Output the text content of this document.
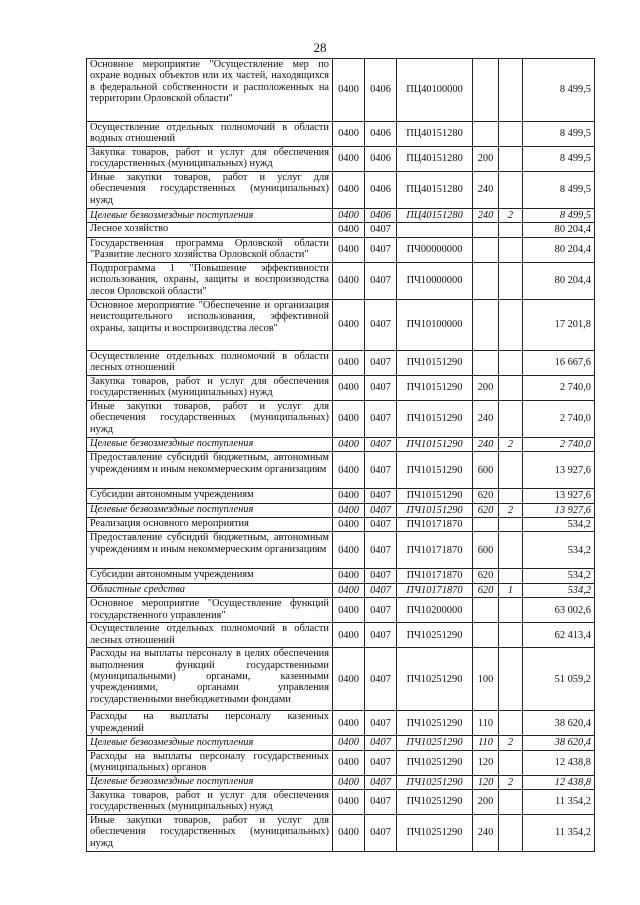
28
Основное мероприятие "Осуществление мер по охране водных объектов или их частей, находящихся в федеральной собственности и расположенных на территории Орловской области"	0400	0406	ПЦ40100000			8 499,5
Осуществление отдельных полномочий в области водных отношений	0400	0406	ПЦ40151280			8 499,5
Закупка товаров, работ и услуг для обеспечения государственных (муниципальных) нужд	0400	0406	ПЦ40151280	200		8 499,5
Иные закупки товаров, работ и услуг для обеспечения государственных (муниципальных) нужд	0400	0406	ПЦ40151280	240		8 499,5
Целевые безвозмездные поступления	0400	0406	ПЦ40151280	240	2	8 499,5
Лесное хозяйство	0400	0407				80 204,4
Государственная программа Орловской области "Развитие лесного хозяйства Орловской области"	0400	0407	ПЧ00000000			80 204,4
Подпрограмма 1 "Повышение эффективности использования, охраны, защиты и воспроизводства лесов Орловской области"	0400	0407	ПЧ10000000			80 204,4
Основное мероприятие "Обеспечение и организация неистощительного использования, эффективной охраны, защиты и воспроизводства лесов"	0400	0407	ПЧ10100000			17 201,8
Осуществление отдельных полномочий в области лесных отношений	0400	0407	ПЧ10151290			16 667,6
Закупка товаров, работ и услуг для обеспечения государственных (муниципальных) нужд	0400	0407	ПЧ10151290	200		2 740,0
Иные закупки товаров, работ и услуг для обеспечения государственных (муниципальных) нужд	0400	0407	ПЧ10151290	240		2 740,0
Целевые безвозмездные поступления	0400	0407	ПЧ10151290	240	2	2 740,0
Предоставление субсидий бюджетным, автономным учреждениям и иным некоммерческим организациям	0400	0407	ПЧ10151290	600		13 927,6
Субсидии автономным учреждениям	0400	0407	ПЧ10151290	620		13 927,6
Целевые безвозмездные поступления	0400	0407	ПЧ10151290	620	2	13 927,6
Реализация основного мероприятия	0400	0407	ПЧ10171870			534,2
Предоставление субсидий бюджетным, автономным учреждениям и иным некоммерческим организациям	0400	0407	ПЧ10171870	600		534,2
Субсидии автономным учреждениям	0400	0407	ПЧ10171870	620		534,2
Областные средства	0400	0407	ПЧ10171870	620	1	534,2
Основное мероприятие "Осуществление функций государственного управления"	0400	0407	ПЧ10200000			63 002,6
Осуществление отдельных полномочий в области лесных отношений	0400	0407	ПЧ10251290			62 413,4
Расходы на выплаты персоналу в целях обеспечения выполнения функций государственными (муниципальными) органами, казенными учреждениями, органами управления государственными внебюджетными фондами	0400	0407	ПЧ10251290	100		51 059,2
Расходы на выплаты персоналу казенных учреждений	0400	0407	ПЧ10251290	110		38 620,4
Целевые безвозмездные поступления	0400	0407	ПЧ10251290	110	2	38 620,4
Расходы на выплаты персоналу государственных (муниципальных) органов	0400	0407	ПЧ10251290	120		12 438,8
Целевые безвозмездные поступления	0400	0407	ПЧ10251290	120	2	12 438,8
Закупка товаров, работ и услуг для обеспечения государственных (муниципальных) нужд	0400	0407	ПЧ10251290	200		11 354,2
Иные закупки товаров, работ и услуг для обеспечения государственных (муниципальных) нужд	0400	0407	ПЧ10251290	240		11 354,2
